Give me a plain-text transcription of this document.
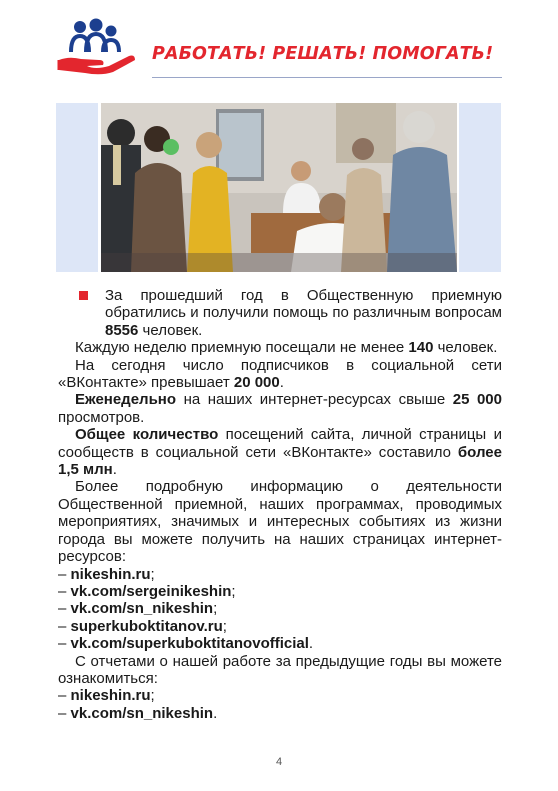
РАБОТАТЬ! РЕШАТЬ! ПОМОГАТЬ!

За прошедший год в Общественную приемную обратились и получили помощь по различным вопросам 8556 человек.

Каждую неделю приемную посещали не менее 140 человек.

На сегодня число подписчиков в социальной сети «ВКонтакте» превышает 20 000.

Еженедельно на наших интернет-ресурсах свыше 25 000 просмотров.

Общее количество посещений сайта, личной страницы и сообществ в социальной сети «ВКонтакте» составило более 1,5 млн.

Более подробную информацию о деятельности Общественной приемной, наших программах, проводимых мероприятиях, значимых и интересных событиях из жизни города вы можете получить на наших страницах интернет-ресурсов:

– nikeshin.ru;
– vk.com/sergeinikeshin;
– vk.com/sn_nikeshin;
– superkuboktitanov.ru;
– vk.com/superkuboktitanovofficial.

С отчетами о нашей работе за предыдущие годы вы можете ознакомиться:

– nikeshin.ru;
– vk.com/sn_nikeshin.
4
